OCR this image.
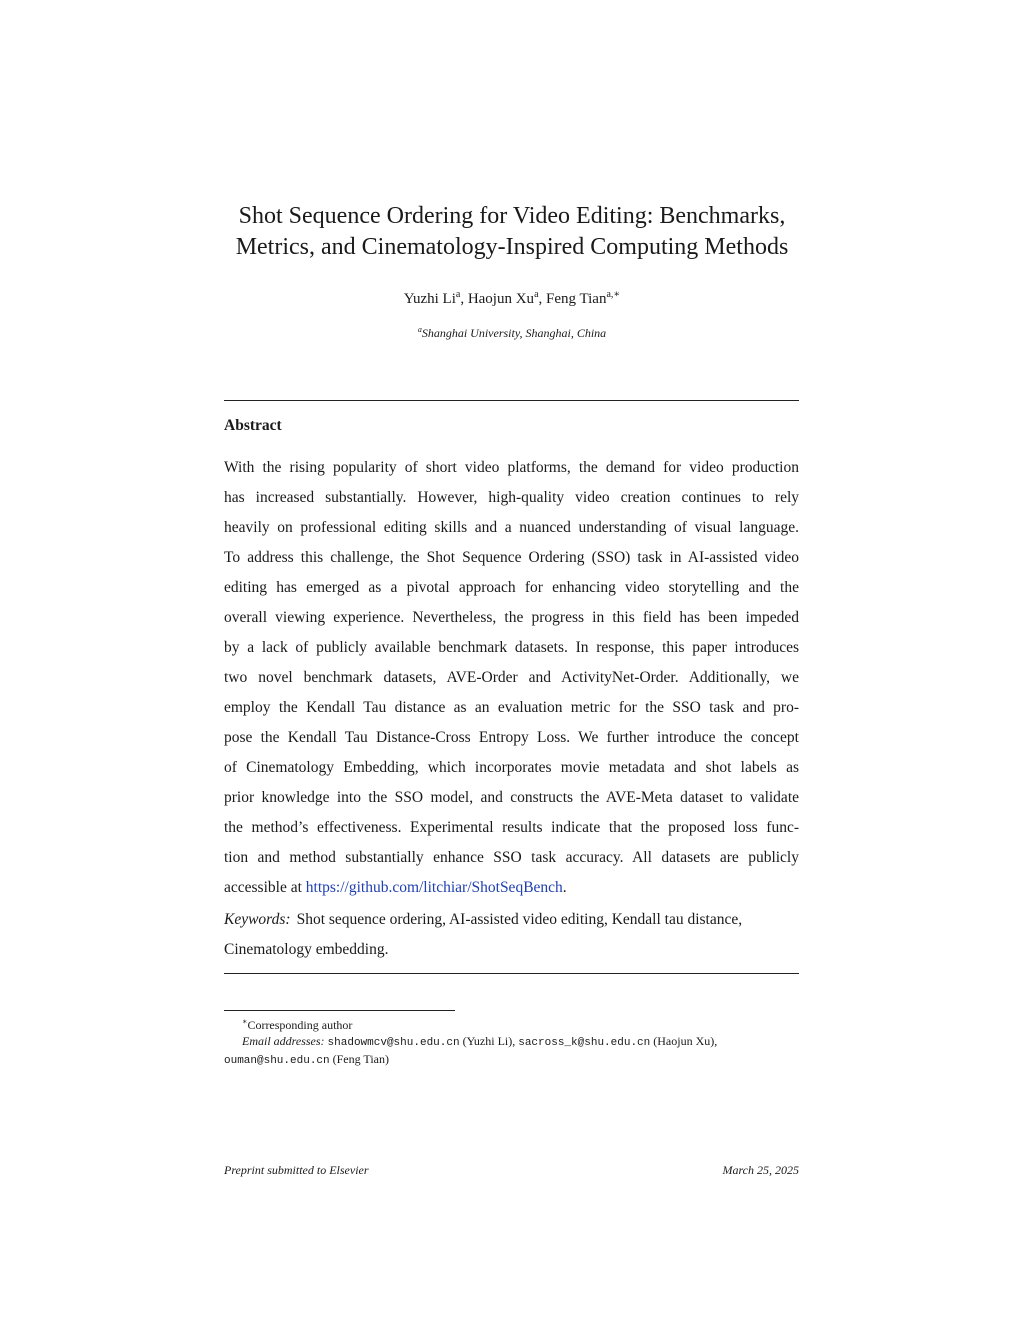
Shot Sequence Ordering for Video Editing: Benchmarks,
Metrics, and Cinematology-Inspired Computing Methods
Yuzhi Li$^a$, Haojun Xu$^a$, Feng Tian$^{a,∗}$
$^a$Shanghai University, Shanghai, China
Abstract
With the rising popularity of short video platforms, the demand for video production
has increased substantially. However, high-quality video creation continues to rely
heavily on professional editing skills and a nuanced understanding of visual language.
To address this challenge, the Shot Sequence Ordering (SSO) task in AI-assisted video
editing has emerged as a pivotal approach for enhancing video storytelling and the
overall viewing experience. Nevertheless, the progress in this field has been impeded
by a lack of publicly available benchmark datasets. In response, this paper introduces
two novel benchmark datasets, AVE-Order and ActivityNet-Order. Additionally, we
employ the Kendall Tau distance as an evaluation metric for the SSO task and pro-
pose the Kendall Tau Distance-Cross Entropy Loss. We further introduce the concept
of Cinematology Embedding, which incorporates movie metadata and shot labels as
prior knowledge into the SSO model, and constructs the AVE-Meta dataset to validate
the method’s effectiveness. Experimental results indicate that the proposed loss func-
tion and method substantially enhance SSO task accuracy. All datasets are publicly
accessible at https://github.com/litchiar/ShotSeqBench.
Keywords: Shot sequence ordering, AI-assisted video editing, Kendall tau distance,
Cinematology embedding.
∗Corresponding author
Email addresses: shadowmcv@shu.edu.cn (Yuzhi Li), sacross_k@shu.edu.cn (Haojun Xu),
ouman@shu.edu.cn (Feng Tian)
Preprint submitted to Elsevier	March 25, 2025
